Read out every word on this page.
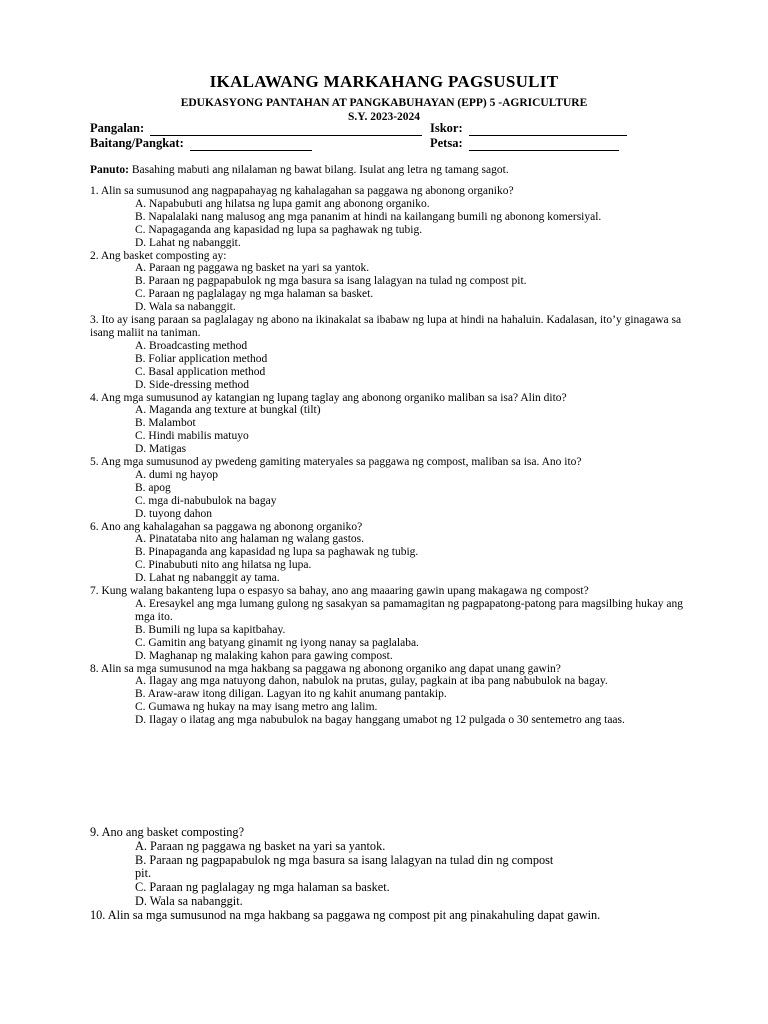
IKALAWANG MARKAHANG PAGSUSULIT
EDUKASYONG PANTAHAN AT PANGKABUHAYAN (EPP) 5 -AGRICULTURE
S.Y. 2023-2024
Pangalan:	Iskor:
Baitang/Pangkat:	Petsa:
Panuto: Basahing mabuti ang nilalaman ng bawat bilang. Isulat ang letra ng tamang sagot.
1. Alin sa sumusunod ang nagpapahayag ng kahalagahan sa paggawa ng abonong organiko?
A. Napabubuti ang hilatsa ng lupa gamit ang abonong organiko.
B. Napalalaki nang malusog ang mga pananim at hindi na kailangang bumili ng abonong komersiyal.
C. Napagaganda ang kapasidad ng lupa sa paghawak ng tubig.
D. Lahat ng nabanggit.
2. Ang basket composting ay:
A. Paraan ng paggawa ng basket na yari sa yantok.
B. Paraan ng pagpapabulok ng mga basura sa isang lalagyan na tulad ng compost pit.
C. Paraan ng paglalagay ng mga halaman sa basket.
D. Wala sa nabanggit.
3. Ito ay isang paraan sa paglalagay ng abono na ikinakalat sa ibabaw ng lupa at hindi na hahaluin. Kadalasan, ito’y ginagawa sa isang maliit na taniman.
A. Broadcasting method
B. Foliar application method
C. Basal application method
D. Side-dressing method
4. Ang mga sumusunod ay katangian ng lupang taglay ang abonong organiko maliban sa isa? Alin dito?
A. Maganda ang texture at bungkal (tilt)
B. Malambot
C. Hindi mabilis matuyo
D. Matigas
5. Ang mga sumusunod ay pwedeng gamiting materyales sa paggawa ng compost, maliban sa isa. Ano ito?
A. dumi ng hayop
B. apog
C. mga di-nabubulok na bagay
D. tuyong dahon
6. Ano ang kahalagahan sa paggawa ng abonong organiko?
A. Pinatataba nito ang halaman ng walang gastos.
B. Pinapaganda ang kapasidad ng lupa sa paghawak ng tubig.
C. Pinabubuti nito ang hilatsa ng lupa.
D. Lahat ng nabanggit ay tama.
7. Kung walang bakanteng lupa o espasyo sa bahay, ano ang maaaring gawin upang makagawa ng compost?
A. Eresaykel ang mga lumang gulong ng sasakyan sa pamamagitan ng pagpapatong-patong para magsilbing hukay ang mga ito.
B. Bumili ng lupa sa kapitbahay.
C. Gamitin ang batyang ginamit ng iyong nanay sa paglalaba.
D. Maghanap ng malaking kahon para gawing compost.
8. Alin sa mga sumusunod na mga hakbang sa paggawa ng abonong organiko ang dapat unang gawin?
A. Ilagay ang mga natuyong dahon, nabulok na prutas, gulay, pagkain at iba pang nabubulok na bagay.
B. Araw-araw itong diligan. Lagyan ito ng kahit anumang pantakip.
C. Gumawa ng hukay na may isang metro ang lalim.
D. Ilagay o ilatag ang mga nabubulok na bagay hanggang umabot ng 12 pulgada o 30 sentemetro ang taas.
9. Ano ang basket composting?
A. Paraan ng paggawa ng basket na yari sa yantok.
B. Paraan ng pagpapabulok ng mga basura sa isang lalagyan na tulad din ng compost pit.
C. Paraan ng paglalagay ng mga halaman sa basket.
D. Wala sa nabanggit.
10. Alin sa mga sumusunod na mga hakbang sa paggawa ng compost pit ang pinakahuling dapat gawin.
